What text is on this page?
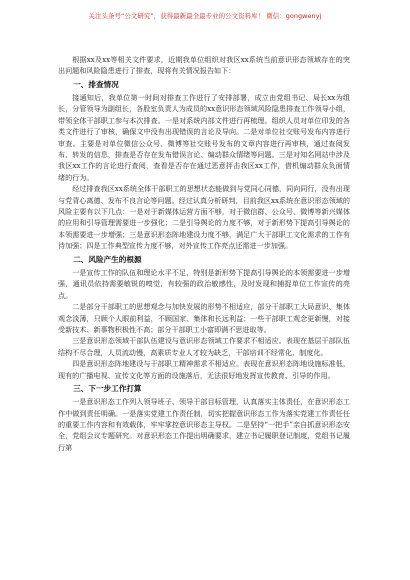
关注头条号“公文研究”，获得最新最全最专业的公文资料库！ 微信：gongwenyj

根据xx及xx等相关文件要求，近期我单位组织对我区xx系统当前意识形态领域存在的突出问题和风险隐患进行了排查，现将有关情况报告如下：

一、排查情况

接通知后，我单位第一时间对排查工作进行了安排部署，成立由党组书记、局长xx为组长，分管领导为副组长，各股室负责人为成员的xx意识形态领域风险隐患排查工作领导小组，带领全体干部职工参与本次排查。一是对系统内部文件进行再梳理。组织人员对单位印发的各类文件进行了审核，确保文中没有出现错误的言论及导向。二是对单位社交账号发布内容进行审查。主要是对单位微信公众号、微博等社交账号发布的文章内容进行再审核，通过查阅发布、转发的信息，排查是否存在发布错误言论、编动群众情绪等问题。三是对知名网站中涉及我区xx工作的言论进行查阅，查看是否存在通过恶意抨击我区xx工作，借机煽动群众负面情绪的行为。

经过排查我区xx系统全体干部职工的思想状态能做到与党同心同德，同向同行，没有出现与党背心离德、发布不良言论等问题。经过认真分析研判，目前我区xx系统在意识形态领域的风险主要有以下几点：一是对于新媒体运营方面不够，对于微信群、公众号、微博等新兴媒体的应用和引导管理需要进一步强化；二是引导舆论的力度不够，对于新形势下提高引导舆论的本领需要进一步增强；三是意识形态阵地建设力度不够，满足广大干部职工文化需求的工作有待加强；四是工作典型宣传力度不够，对外宣传工作亮点还需进一步加强。

二、风险产生的根源

一是宣传工作的队伍和理论水平不足，特别是新形势下提高引导舆论的本领需要进一步增强，通讯员依持需要敏锐的嗅觉，有较强的政治敏感性，及时发现和捕捉单位工作宣传的亮点。

二是部分干部职工的思想观念与加快发展的形势不相适应，部分干部职工大局意识、集体观念淡薄，只顾个人眼前利益，不顾国家、集体和长远利益；一些干部职工观念更新慢，对接受新技术、新事物积极性不高；部分干部职工小富即满不思进取等。

三是意识形态领域干部队伍建设与意识形态领域工作要求不相适应。表现在基层干部队伍结构不尽合理，人员流动慢，高素质专业人才较为缺乏，干部培训不经常化、制度化。

四是意识形态阵地建设与干部职工精神需求不相适应。表现在意识形态阵地设施标准低，现有的广播电视、宣传文化等方面的设施落后，无法很好地发挥宣传教育、引导的作用。

三、下一步工作打算

一是意识形态工作列入领导班子、领导干部目标管理，认真落实主体责任，在意识形态工作中做到责任明确。一是落实党建工作责任制，切实把握意识形态工作为落实党建工作责任任的重要工作内容和有效载体，牢牢掌控意识形态主导权。二是坚持“一把手”亲自抓意识形态安全，党组会议专题研究。对意识形态工作提出明确要求，建立书记履职登记制度，党组书记履行第
